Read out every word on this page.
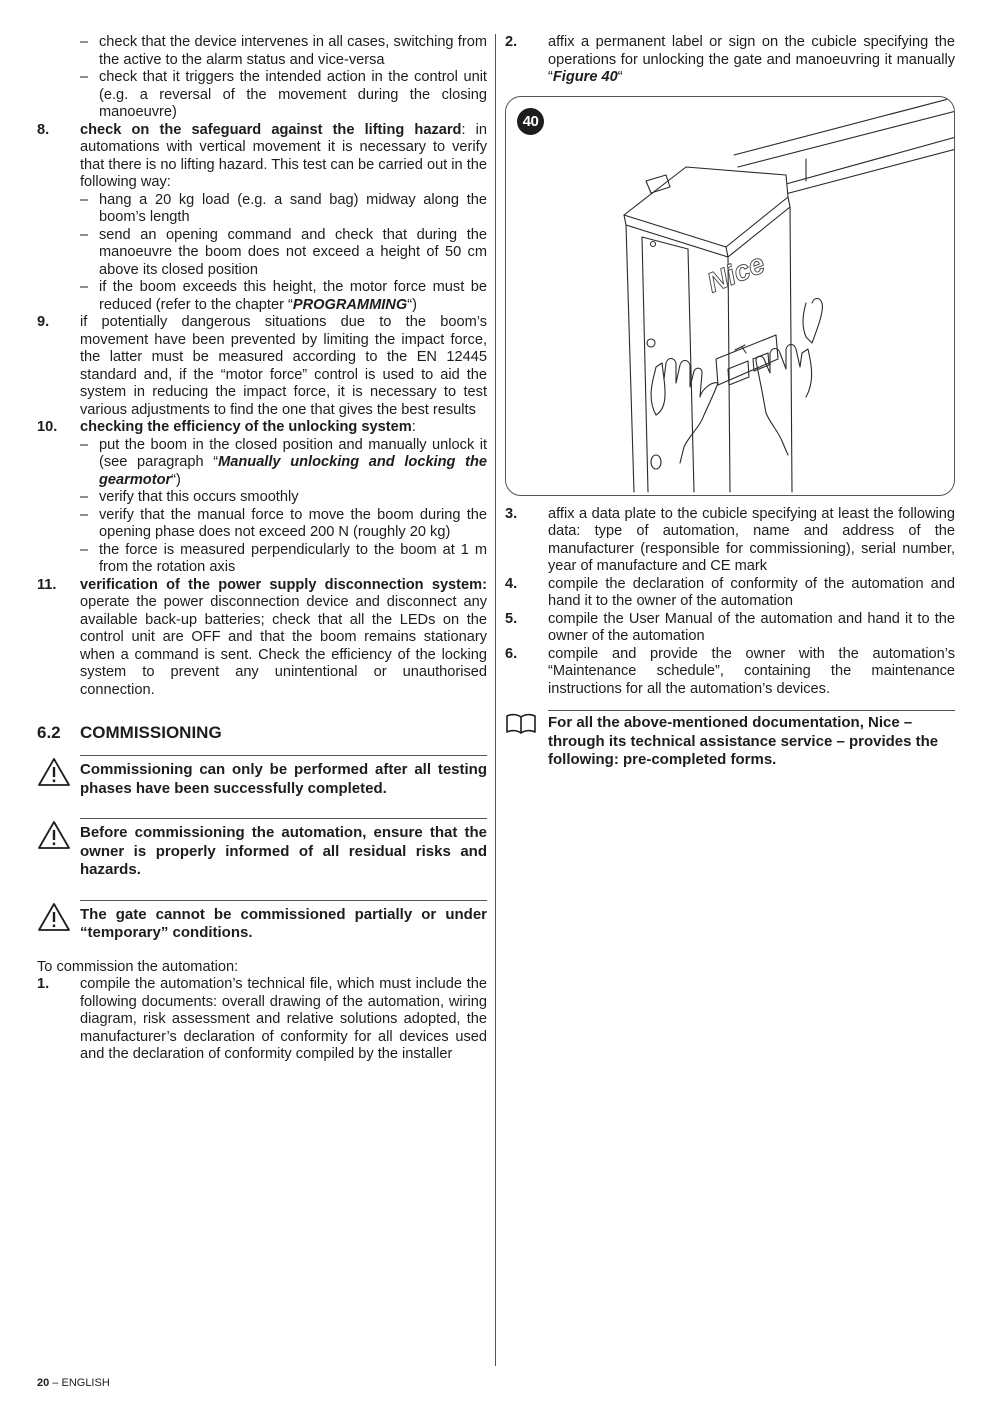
– check that the device intervenes in all cases, switching from the active to the alarm status and vice-versa
– check that it triggers the intended action in the control unit (e.g. a reversal of the movement during the closing manoeuvre)
8. check on the safeguard against the lifting hazard: in automations with vertical movement it is necessary to verify that there is no lifting hazard. This test can be carried out in the following way:
– hang a 20 kg load (e.g. a sand bag) midway along the boom’s length
– send an opening command and check that during the manoeuvre the boom does not exceed a height of 50 cm above its closed position
– if the boom exceeds this height, the motor force must be reduced (refer to the chapter “PROGRAMMING“)
9. if potentially dangerous situations due to the boom’s movement have been prevented by limiting the impact force, the latter must be measured according to the EN 12445 standard and, if the “motor force” control is used to aid the system in reducing the impact force, it is necessary to test various adjustments to find the one that gives the best results
10. checking the efficiency of the unlocking system:
– put the boom in the closed position and manually unlock it (see paragraph “Manually unlocking and locking the gearmotor“)
– verify that this occurs smoothly
– verify that the manual force to move the boom during the opening phase does not exceed 200 N (roughly 20 kg)
– the force is measured perpendicularly to the boom at 1 m from the rotation axis
11. verification of the power supply disconnection system: operate the power disconnection device and disconnect any available back-up batteries; check that all the LEDs on the control unit are OFF and that the boom remains stationary when a command is sent. Check the efficiency of the locking system to prevent any unintentional or unauthorised connection.
6.2	COMMISSIONING
Commissioning can only be performed after all testing phases have been successfully completed.
Before commissioning the automation, ensure that the owner is properly informed of all residual risks and hazards.
The gate cannot be commissioned partially or under “temporary” conditions.
To commission the automation:
1. compile the automation’s technical file, which must include the following documents: overall drawing of the automation, wiring diagram, risk assessment and relative solutions adopted, the manufacturer’s declaration of conformity for all devices used and the declaration of conformity compiled by the installer
2. affix a permanent label or sign on the cubicle specifying the operations for unlocking the gate and manoeuvring it manually “Figure 40“
40
Nice
3. affix a data plate to the cubicle specifying at least the following data: type of automation, name and address of the manufacturer (responsible for commissioning), serial number, year of manufacture and CE mark
4. compile the declaration of conformity of the automation and hand it to the owner of the automation
5. compile the User Manual of the automation and hand it to the owner of the automation
6. compile and provide the owner with the automation’s “Maintenance schedule”, containing the maintenance instructions for all the automation’s devices.
For all the above-mentioned documentation, Nice – through its technical assistance service – provides the following: pre-completed forms.
20 – ENGLISH
